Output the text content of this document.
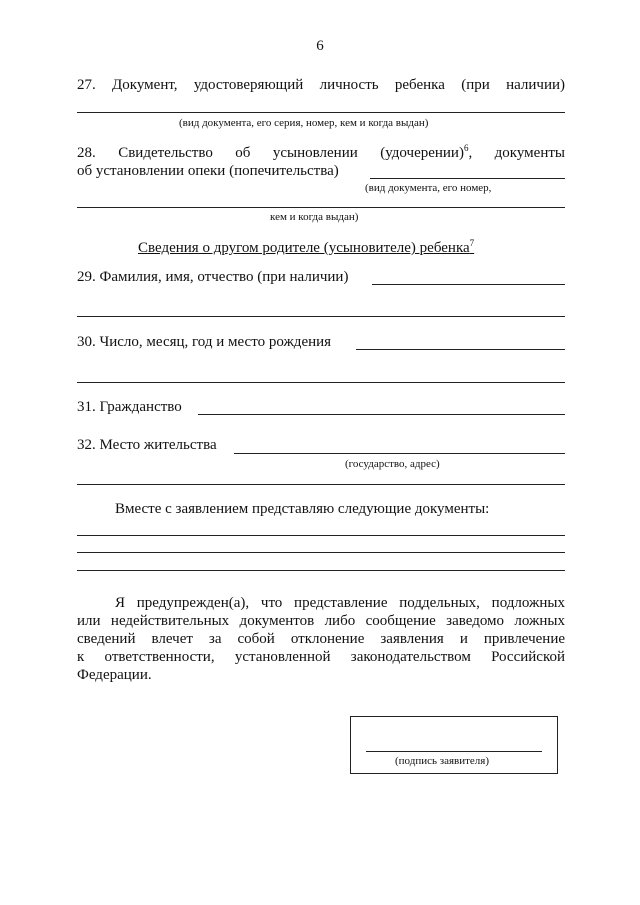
6
27. Документ, удостоверяющий личность ребенка (при наличии)
(вид документа, его серия, номер, кем и когда выдан)
28. Свидетельство об усыновлении (удочерении)$^6$, документы
об установлении опеки (попечительства)
(вид документа, его номер,
кем и когда выдан)
Сведения о другом родителе (усыновителе) ребенка$^7$
29. Фамилия, имя, отчество (при наличии)
30. Число, месяц, год и место рождения
31. Гражданство
32. Место жительства
(государство, адрес)
Вместе с заявлением представляю следующие документы:
Я предупрежден(а), что представление поддельных, подложных
или недействительных документов либо сообщение заведомо ложных
сведений влечет за собой отклонение заявления и привлечение
к ответственности, установленной законодательством Российской
Федерации.
(подпись заявителя)
